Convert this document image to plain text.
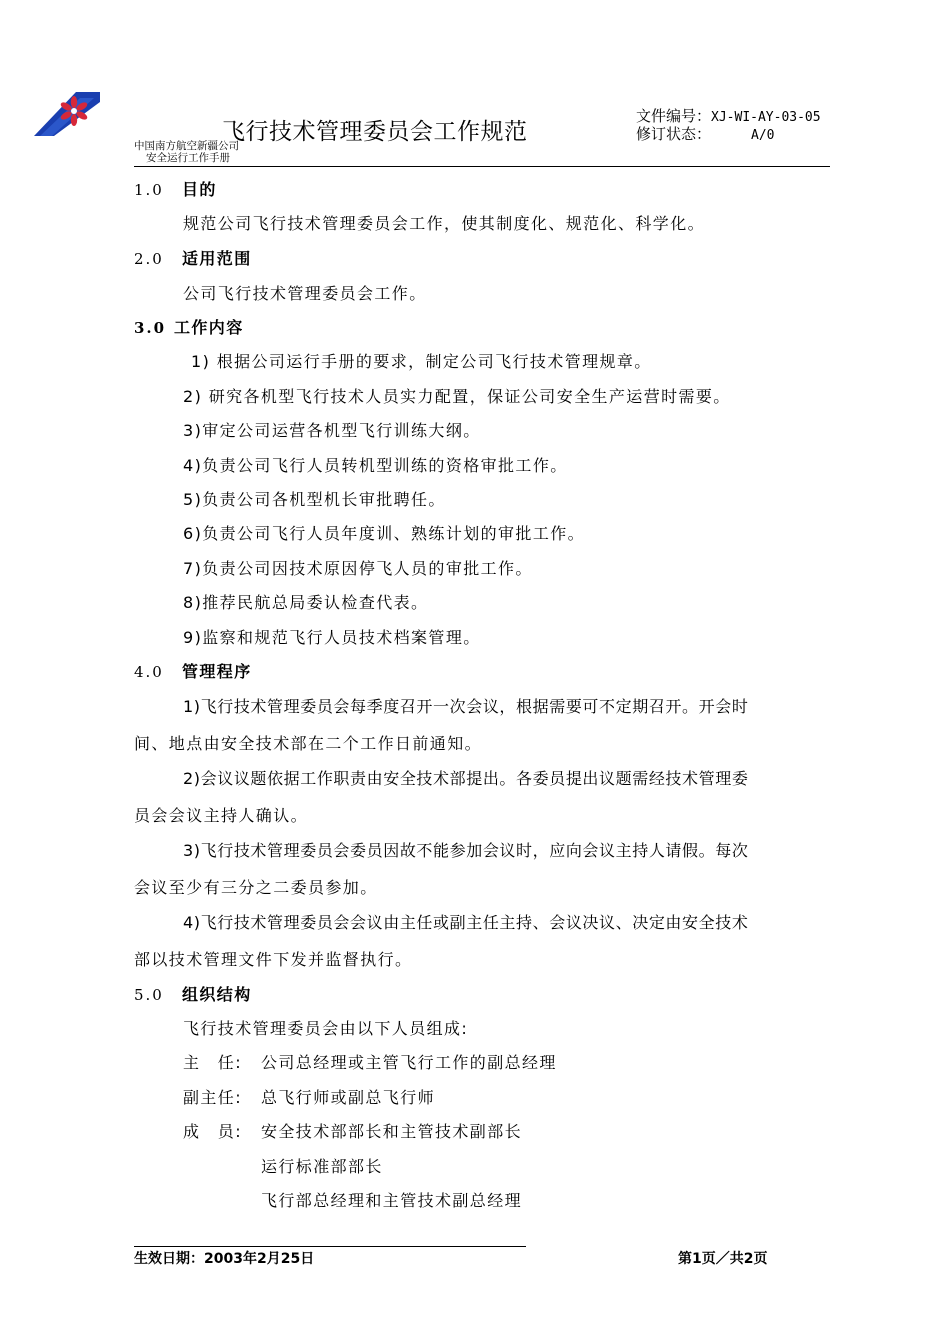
飞行技术管理委员会工作规范
中国南方航空新疆公司
安全运行工作手册
文件编号：XJ-WI-AY-03-05
修订状态：	A/0
1.0 目的
规范公司飞行技术管理委员会工作，使其制度化、规范化、科学化。
2.0 适用范围
公司飞行技术管理委员会工作。
3.0 工作内容
1) 根据公司运行手册的要求，制定公司飞行技术管理规章。
2) 研究各机型飞行技术人员实力配置，保证公司安全生产运营时需要。
3)审定公司运营各机型飞行训练大纲。
4)负责公司飞行人员转机型训练的资格审批工作。
5)负责公司各机型机长审批聘任。
6)负责公司飞行人员年度训、熟练计划的审批工作。
7)负责公司因技术原因停飞人员的审批工作。
8)推荐民航总局委认检查代表。
9)监察和规范飞行人员技术档案管理。
4.0 管理程序
1)飞行技术管理委员会每季度召开一次会议，根据需要可不定期召开。开会时
间、地点由安全技术部在二个工作日前通知。
2)会议议题依据工作职责由安全技术部提出。各委员提出议题需经技术管理委
员会会议主持人确认。
3)飞行技术管理委员会委员因故不能参加会议时，应向会议主持人请假。每次
会议至少有三分之二委员参加。
4)飞行技术管理委员会会议由主任或副主任主持、会议决议、决定由安全技术
部以技术管理文件下发并监督执行。
5.0 组织结构
飞行技术管理委员会由以下人员组成:
主　任: 公司总经理或主管飞行工作的副总经理
副主任: 总飞行师或副总飞行师
成　员: 安全技术部部长和主管技术副部长
运行标准部部长
飞行部总经理和主管技术副总经理
生效日期：2003年2月25日	第1页／共2页
